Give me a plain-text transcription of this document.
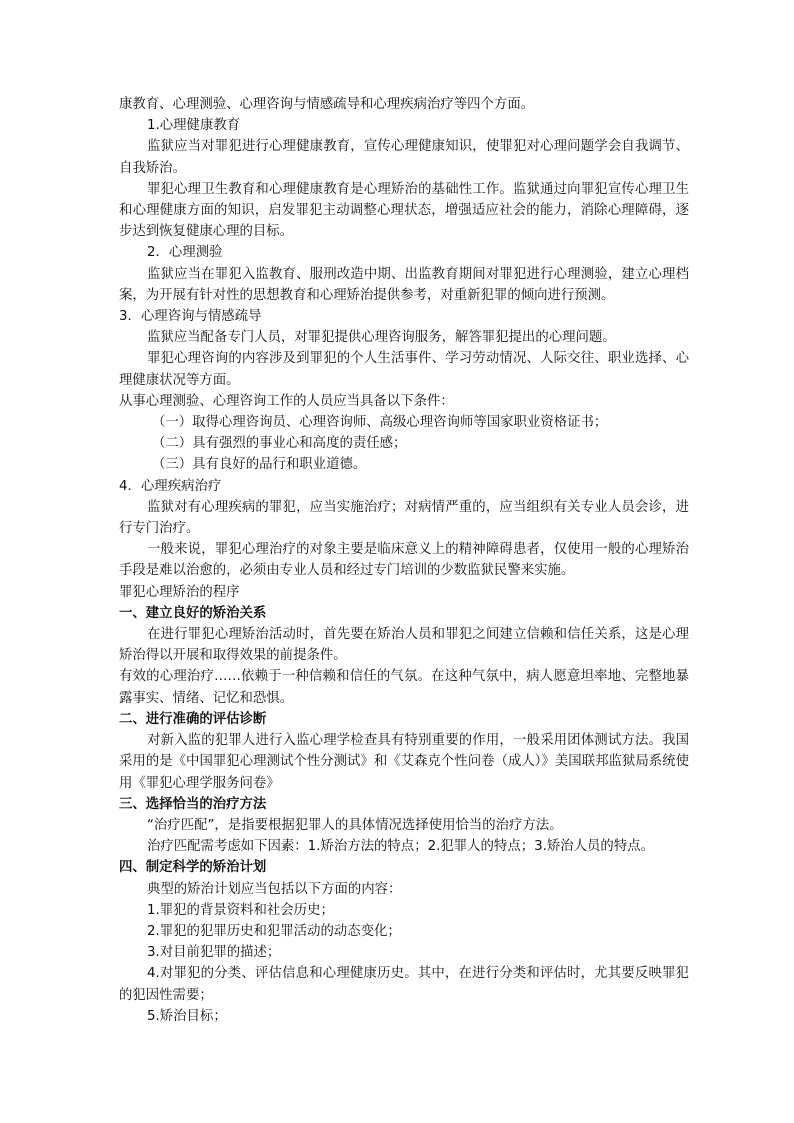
康教育、心理测验、心理咨询与情感疏导和心理疾病治疗等四个方面。

1.心理健康教育

监狱应当对罪犯进行心理健康教育，宣传心理健康知识，使罪犯对心理问题学会自我调节、自我矫治。

罪犯心理卫生教育和心理健康教育是心理矫治的基础性工作。监狱通过向罪犯宣传心理卫生和心理健康方面的知识，启发罪犯主动调整心理状态，增强适应社会的能力，消除心理障碍，逐步达到恢复健康心理的目标。

2．心理测验

监狱应当在罪犯入监教育、服刑改造中期、出监教育期间对罪犯进行心理测验，建立心理档案，为开展有针对性的思想教育和心理矫治提供参考，对重新犯罪的倾向进行预测。

3．心理咨询与情感疏导

监狱应当配备专门人员，对罪犯提供心理咨询服务，解答罪犯提出的心理问题。

罪犯心理咨询的内容涉及到罪犯的个人生活事件、学习劳动情况、人际交往、职业选择、心理健康状况等方面。

从事心理测验、心理咨询工作的人员应当具备以下条件：

（一）取得心理咨询员、心理咨询师、高级心理咨询师等国家职业资格证书；

（二）具有强烈的事业心和高度的责任感；

（三）具有良好的品行和职业道德。

4．心理疾病治疗

监狱对有心理疾病的罪犯，应当实施治疗；对病情严重的，应当组织有关专业人员会诊，进行专门治疗。

一般来说，罪犯心理治疗的对象主要是临床意义上的精神障碍患者，仅使用一般的心理矫治手段是难以治愈的，必须由专业人员和经过专门培训的少数监狱民警来实施。

罪犯心理矫治的程序

一、建立良好的矫治关系

在进行罪犯心理矫治活动时，首先要在矫治人员和罪犯之间建立信赖和信任关系，这是心理矫治得以开展和取得效果的前提条件。

有效的心理治疗……依赖于一种信赖和信任的气氛。在这种气氛中，病人愿意坦率地、完整地暴露事实、情绪、记忆和恐惧。

二、进行准确的评估诊断

对新入监的犯罪人进行入监心理学检查具有特别重要的作用，一般采用团体测试方法。我国采用的是《中国罪犯心理测试个性分测试》和《艾森克个性问卷（成人）》美国联邦监狱局系统使用《罪犯心理学服务问卷》

三、选择恰当的治疗方法

“治疗匹配”，是指要根据犯罪人的具体情况选择使用恰当的治疗方法。

治疗匹配需考虑如下因素：1.矫治方法的特点；2.犯罪人的特点；3.矫治人员的特点。

四、制定科学的矫治计划

典型的矫治计划应当包括以下方面的内容：

1.罪犯的背景资料和社会历史；

2.罪犯的犯罪历史和犯罪活动的动态变化；

3.对目前犯罪的描述；

4.对罪犯的分类、评估信息和心理健康历史。其中，在进行分类和评估时，尤其要反映罪犯的犯因性需要；

5.矫治目标；
